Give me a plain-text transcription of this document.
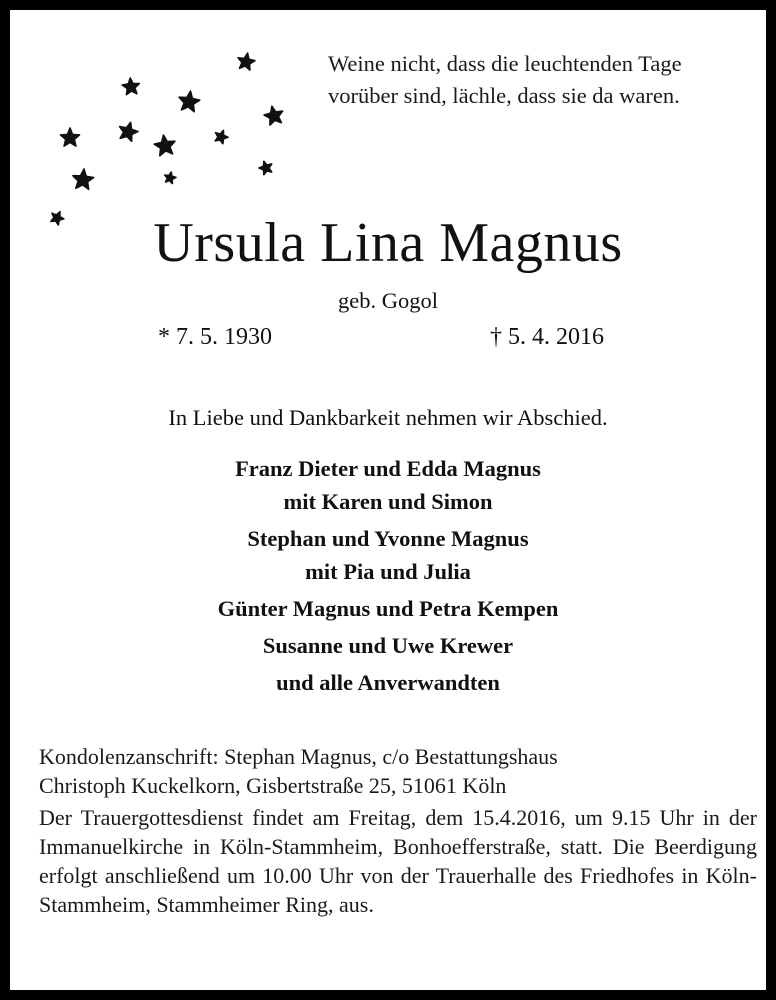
Weine nicht, dass die leuchtenden Tage
vorüber sind, lächle, dass sie da waren.
Ursula Lina Magnus
geb. Gogol
* 7. 5. 1930	† 5. 4. 2016
In Liebe und Dankbarkeit nehmen wir Abschied.
Franz Dieter und Edda Magnus
mit Karen und Simon
Stephan und Yvonne Magnus
mit Pia und Julia
Günter Magnus und Petra Kempen
Susanne und Uwe Krewer
und alle Anverwandten
Kondolenzanschrift: Stephan Magnus, c/o Bestattungshaus
Christoph Kuckelkorn, Gisbertstraße 25, 51061 Köln
Der Trauergottesdienst findet am Freitag, dem 15.4.2016, um 9.15 Uhr in der Immanuelkirche in Köln-Stammheim, Bonhoefferstraße, statt. Die Beerdigung erfolgt anschließend um 10.00 Uhr von der Trauerhalle des Friedhofes in Köln-Stammheim, Stammheimer Ring, aus.
